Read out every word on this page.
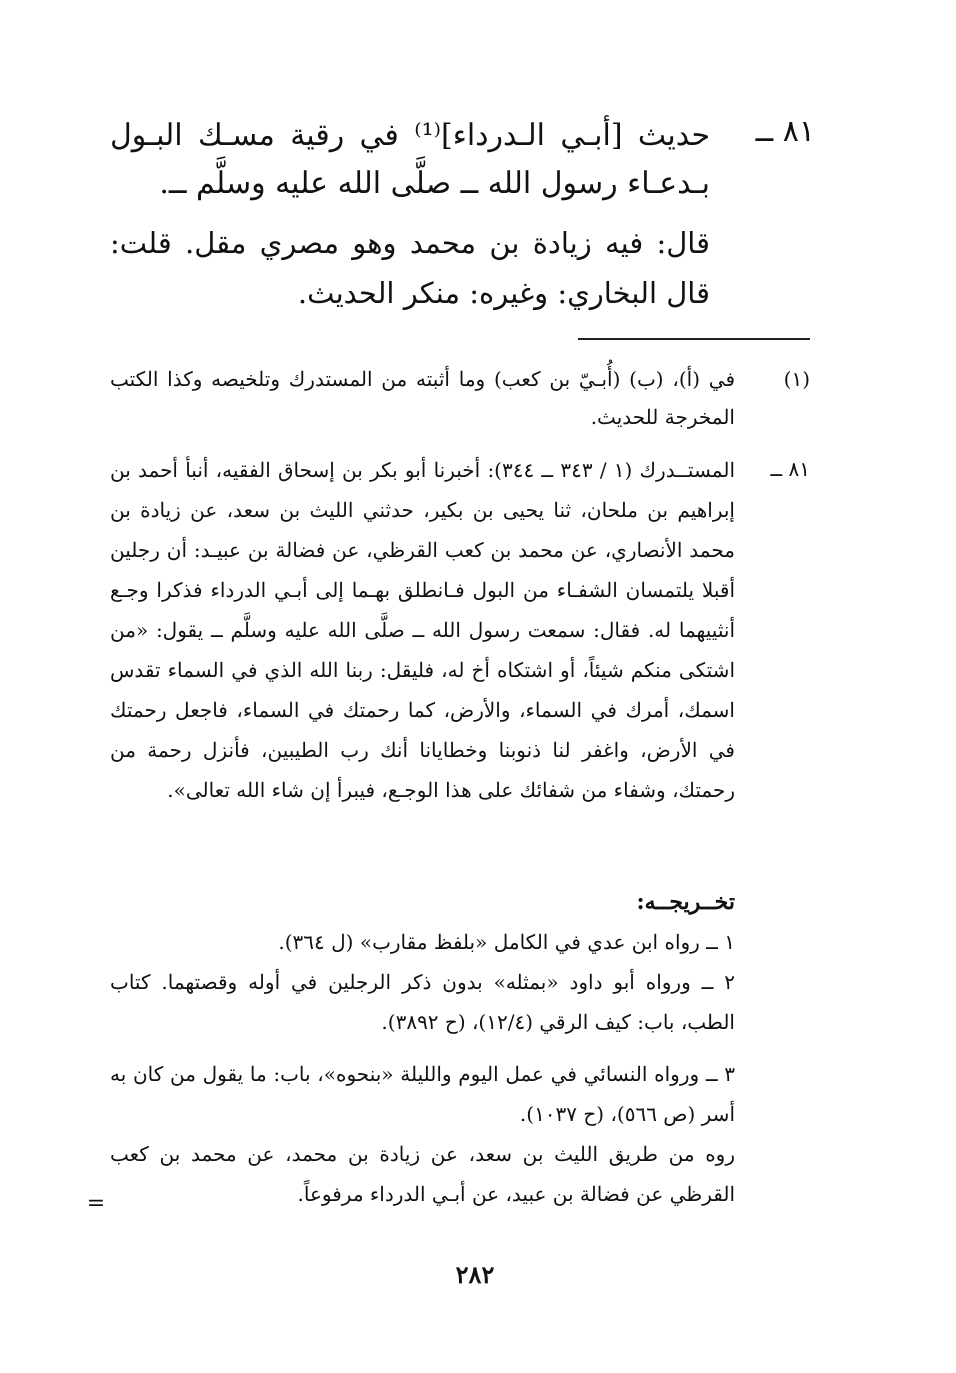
٨١ ــ
حديث [أبـي الـدرداء]⁽¹⁾ في رقية مسـك البـول بـدعـاء رسول الله ــ صلَّى الله عليه وسلَّم ــ.
قال: فيه زيادة بن محمد وهو مصري مقل. قلت: قال البخاري: وغيره: منكر الحديث.
(١)
في (أ)، (ب) (أُبـيّ بن كعب) وما أثبته من المستدرك وتلخيصه وكذا الكتب المخرجة للحديث.
٨١ ــ
المستــدرك (١ / ٣٤٣ ــ ٣٤٤): أخبرنا أبو بكر بن إسحاق الفقيه، أنبأ أحمد بن إبراهيم بن ملحان، ثنا يحيى بن بكير، حدثني الليث بن سعد، عن زيادة بن محمد الأنصاري، عن محمد بن كعب القرظي، عن فضالة بن عبيـد: أن رجلين أقبلا يلتمسان الشفـاء من البول فـانطلق بهـما إلى أبـي الدرداء فذكرا وجـع أنثييهما له. فقال: سمعت رسول الله ــ صلَّى الله عليه وسلَّم ــ يقول: «من اشتكى منكم شيئاً، أو اشتكاه أخ له، فليقل: ربنا الله الذي في السماء تقدس اسمك، أمرك في السماء، والأرض، كما رحمتك في السماء، فاجعل رحمتك في الأرض، واغفر لنا ذنوبنا وخطايانا أنك رب الطيبين، فأنزل رحمة من رحمتك، وشفاء من شفائك على هذا الوجـع، فيبرأ إن شاء الله تعالى».
تخــريجــه:

١ ــ رواه ابن عدي في الكامل «بلفظ مقارب» (ل ٣٦٤).

٢ ــ ورواه أبو داود «بمثله» بدون ذكر الرجلين في أوله وقصتهما. كتاب الطب، باب: كيف الرقي (١٢/٤)، (ح ٣٨٩٢).

٣ ــ ورواه النسائي في عمل اليوم والليلة «بنحوه»، باب: ما يقول من كان به أسر (ص ٥٦٦)، (ح ١٠٣٧).

روه من طريق الليث بن سعد، عن زيادة بن محمد، عن محمد بن كعب القرظي عن فضالة بن عبيد، عن أبـي الدرداء مرفوعاً.

=
٢٨٢
